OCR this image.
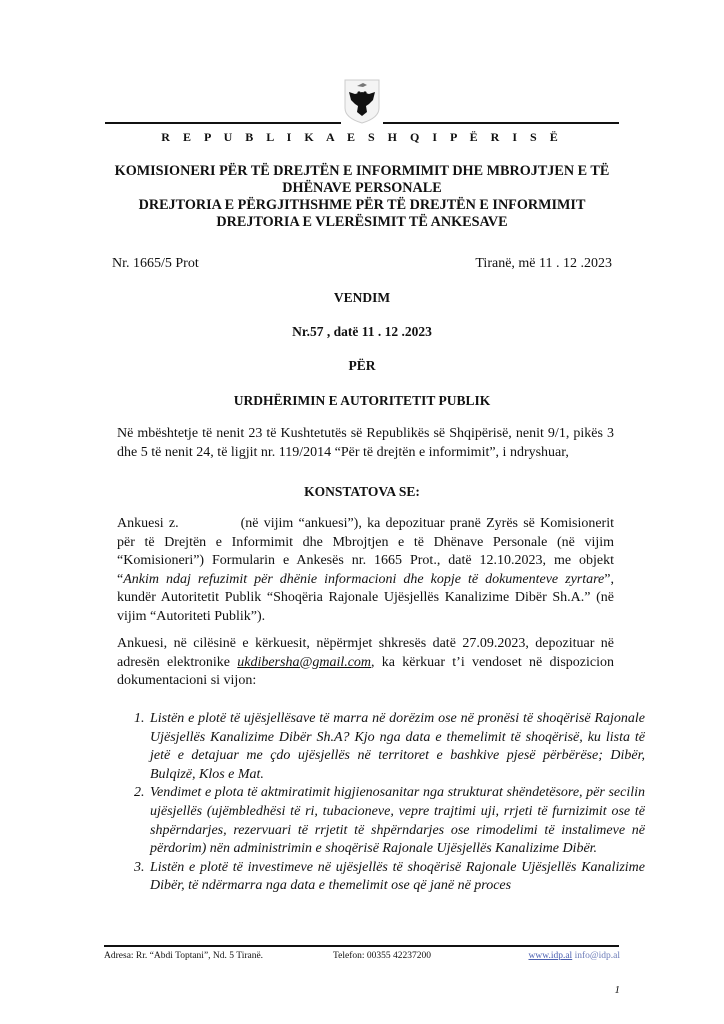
R E P U B L I K A E S H Q I P Ë R I S Ë
KOMISIONERI PËR TË DREJTËN E INFORMIMIT DHE MBROJTJEN E TË
DHËNAVE PERSONALE
DREJTORIA E PËRGJITHSHME PËR TË DREJTËN E INFORMIMIT
DREJTORIA E VLERËSIMIT TË ANKESAVE
Nr. 1665/5 Prot	Tiranë, më 11 . 12 .2023
VENDIM
Nr.57 , datë 11 . 12 .2023
PËR
URDHËRIMIN E AUTORITETIT PUBLIK
Në mbështetje të nenit 23 të Kushtetutës së Republikës së Shqipërisë, nenit 9/1, pikës 3 dhe 5 të nenit 24, të ligjit nr. 119/2014 “Për të drejtën e informimit”, i ndryshuar,
KONSTATOVA SE:
Ankuesi z.	(në vijim “ankuesi”), ka depozituar pranë Zyrës së Komisionerit për të Drejtën e Informimit dhe Mbrojtjen e të Dhënave Personale (në vijim “Komisioneri”) Formularin e Ankesës nr. 1665 Prot., datë 12.10.2023, me objekt “Ankim ndaj refuzimit për dhënie informacioni dhe kopje të dokumenteve zyrtare”, kundër Autoritetit Publik “Shoqëria Rajonale Ujësjellës Kanalizime Dibër Sh.A.” (në vijim “Autoriteti Publik”).
Ankuesi, në cilësinë e kërkuesit, nëpërmjet shkresës datë 27.09.2023, depozituar në adresën elektronike ukdibersha@gmail.com, ka kërkuar t’i vendoset në dispozicion dokumentacioni si vijon:
1. Listën e plotë të ujësjellësave të marra në dorëzim ose në pronësi të shoqërisë Rajonale Ujësjellës Kanalizime Dibër Sh.A? Kjo nga data e themelimit të shoqërisë, ku lista të jetë e detajuar me çdo ujësjellës në territoret e bashkive pjesë përbërëse; Dibër, Bulqizë, Klos e Mat.
2. Vendimet e plota të aktmiratimit higjienosanitar nga strukturat shëndetësore, për secilin ujësjellës (ujëmbledhësi të ri, tubacioneve, vepre trajtimi uji, rrjeti të furnizimit ose të shpërndarjes, rezervuari të rrjetit të shpërndarjes ose rimodelimi të instalimeve në përdorim) nën administrimin e shoqërisë Rajonale Ujësjellës Kanalizime Dibër.
3. Listën e plotë të investimeve në ujësjellës të shoqërisë Rajonale Ujësjellës Kanalizime Dibër, të ndërmarra nga data e themelimit ose që janë në proces
Adresa: Rr. “Abdi Toptani”, Nd. 5 Tiranë.	Telefon: 00355 42237200	www.idp.al info@idp.al
1
